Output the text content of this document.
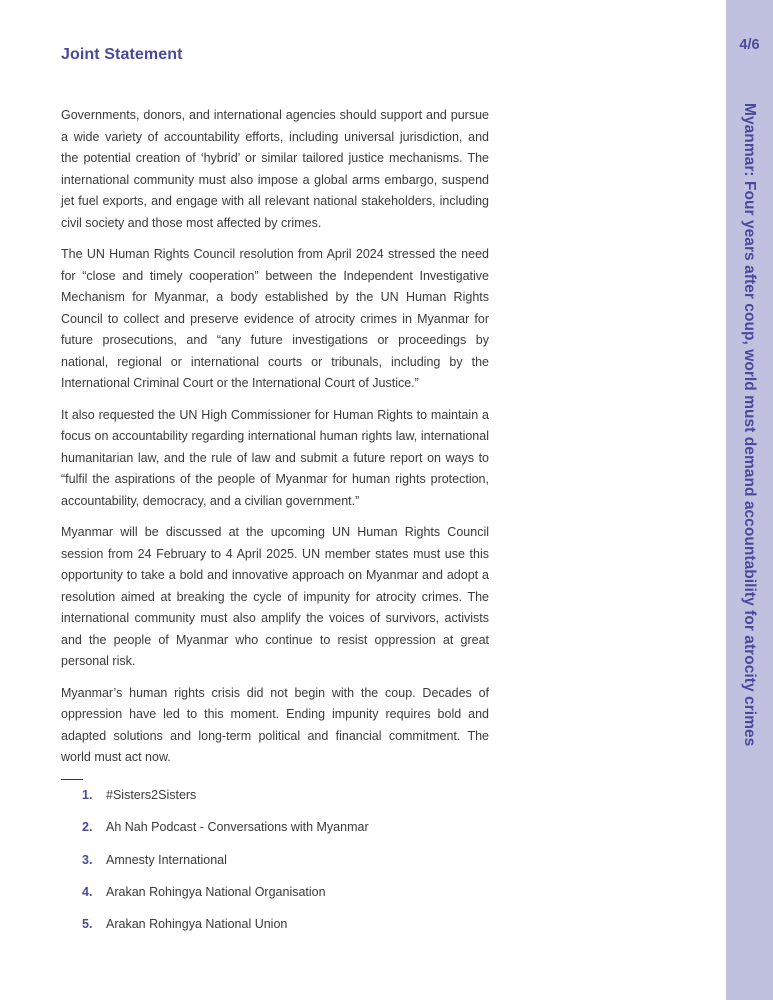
Joint Statement

Governments, donors, and international agencies should support and pursue a wide variety of accountability efforts, including universal jurisdiction, and the potential creation of ‘hybrid’ or similar tailored justice mechanisms. The international community must also impose a global arms embargo, suspend jet fuel exports, and engage with all relevant national stakeholders, including civil society and those most affected by crimes.

The UN Human Rights Council resolution from April 2024 stressed the need for “close and timely cooperation” between the Independent Investigative Mechanism for Myanmar, a body established by the UN Human Rights Council to collect and preserve evidence of atrocity crimes in Myanmar for future prosecutions, and “any future investigations or proceedings by national, regional or international courts or tribunals, including by the International Criminal Court or the International Court of Justice.”

It also requested the UN High Commissioner for Human Rights to maintain a focus on accountability regarding international human rights law, international humanitarian law, and the rule of law and submit a future report on ways to “fulfil the aspirations of the people of Myanmar for human rights protection, accountability, democracy, and a civilian government.”

Myanmar will be discussed at the upcoming UN Human Rights Council session from 24 February to 4 April 2025. UN member states must use this opportunity to take a bold and innovative approach on Myanmar and adopt a resolution aimed at breaking the cycle of impunity for atrocity crimes. The international community must also amplify the voices of survivors, activists and the people of Myanmar who continue to resist oppression at great personal risk.

Myanmar’s human rights crisis did not begin with the coup. Decades of oppression have led to this moment. Ending impunity requires bold and adapted solutions and long-term political and financial commitment. The world must act now.

1. #Sisters2Sisters
2. Ah Nah Podcast - Conversations with Myanmar
3. Amnesty International
4. Arakan Rohingya National Organisation
5. Arakan Rohingya National Union
4/6
Myanmar: Four years after coup, world must demand accountability for atrocity crimes
